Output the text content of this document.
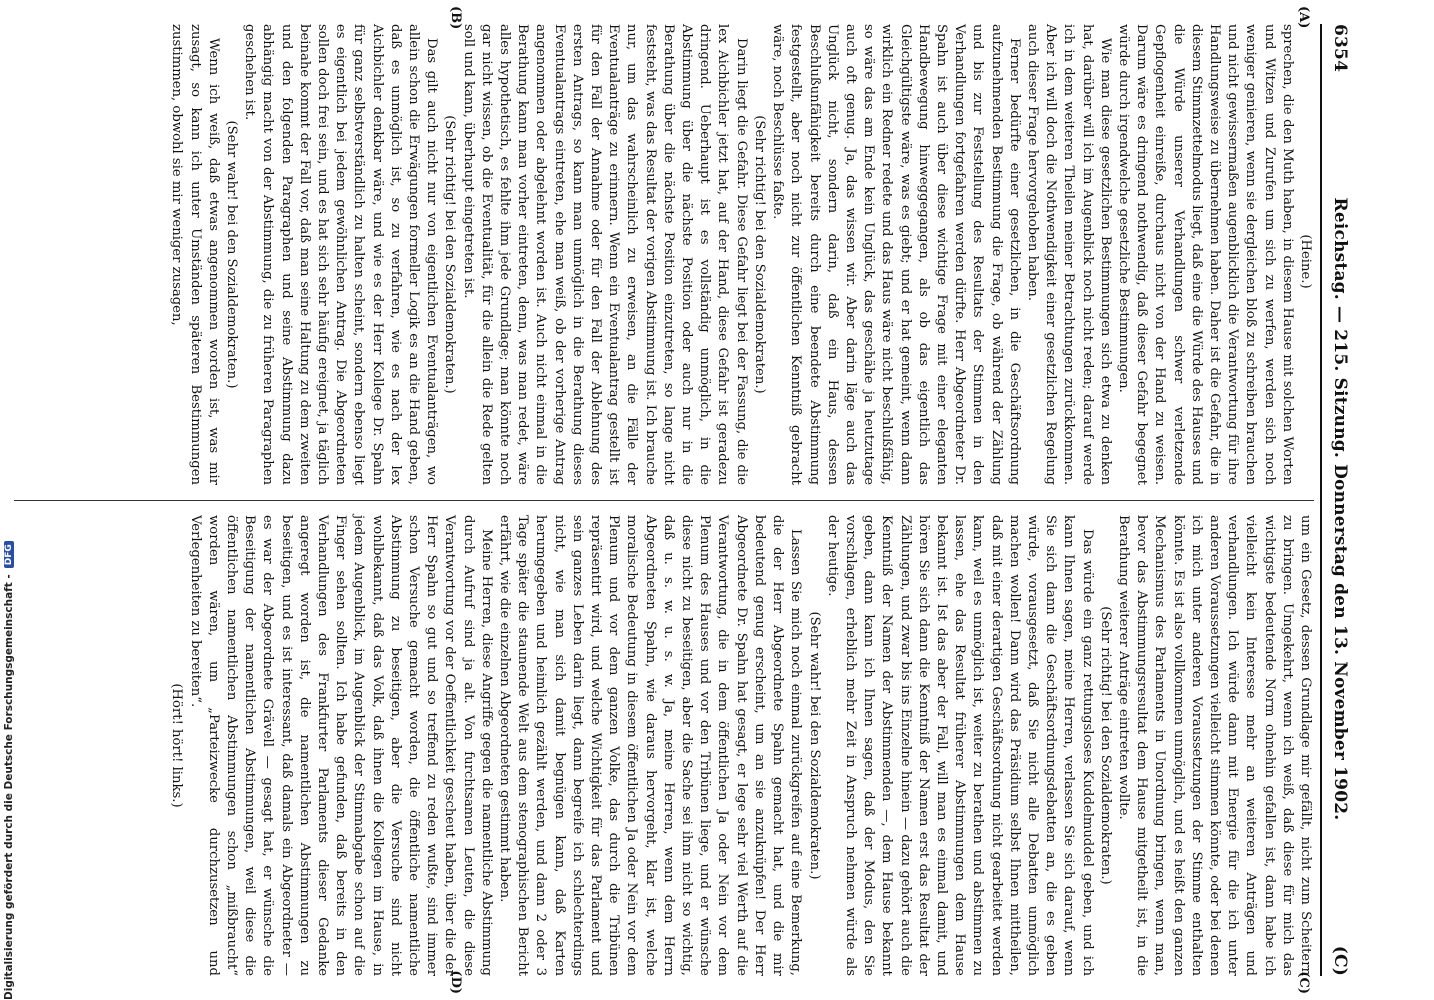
6354
Reichstag. — 215. Sitzung. Donnerstag den 13. November 1902.
(C)
(A)
(B)

(Heine.)

sprechen, die den Muth haben, in diesem Hause mit solchen Worten und Witzen und Zurufen um sich zu werfen, werden sich noch weniger genieren, wenn sie dergleichen bloß zu schreiben brauchen und nicht gewissermaßen augenblicklich die Verantwortung für ihre Handlungsweise zu übernehmen haben. Daher ist die Gefahr, die in diesem Stimmzettelmodus liegt, daß eine die Würde des Hauses und die Würde unserer Verhandlungen schwer verletzende Gepflogenheit einreiße, durchaus nicht von der Hand zu weisen. Darum wäre es dringend nothwendig, daß dieser Gefahr begegnet würde durch irgendwelche gesetzliche Bestimmungen.

Wie man diese gesetzlichen Bestimmungen sich etwa zu denken hat, darüber will ich im Augenblick noch nicht reden; darauf werde ich in dem weiteren Theilen meiner Betrachtungen zurückkommen. Aber ich will doch die Nothwendigkeit einer gesetzlichen Regelung auch dieser Frage hervorgehoben haben.

Ferner bedürfte einer gesetzlichen, in die Geschäftsordnung aufzunehmenden Bestimmung die Frage, ob während der Zählung und bis zur Feststellung des Resultats der Stimmen in den Verhandlungen fortgefahren werden dürfte. Herr Abgeordneter Dr. Spahn ist auch über diese wichtige Frage mit einer eleganten Handbewegung hinweggegangen, als ob das eigentlich das Gleichgültigste wäre, was es giebt; und er hat gemeint, wenn dann wirklich ein Redner redete und das Haus wäre nicht beschlußfähig, so wäre das am Ende kein Unglück, das geschähe ja heutzutage auch oft genug. Ja, das wissen wir. Aber darin läge auch das Unglück nicht, sondern darin, daß ein Haus, dessen Beschlußunfähigkeit bereits durch eine beendete Abstimmung festgestellt, aber noch nicht zur öffentlichen Kenntniß gebracht wäre, noch Beschlüsse faßte.

(Sehr richtig! bei den Sozialdemokraten.)

Darin liegt die Gefahr. Diese Gefahr liegt bei der Fassung, die die lex Aichbichler jetzt hat, auf der Hand, diese Gefahr ist geradezu dringend. Ueberhaupt ist es vollständig unmöglich, in die Abstimmung über die nächste Position oder auch nur in die Berathung über die nächste Position einzutreten, so lange nicht feststeht, was das Resultat der vorigen Abstimmung ist. Ich brauche nur, um das wahrscheinlich zu erweisen, an die Fälle der Eventualanträge zu erinnern. Wenn ein Eventualantrag gestellt ist für den Fall der Annahme oder für den Fall der Ablehnung des ersten Antrags, so kann man unmöglich in die Berathung dieses Eventualantrags eintreten, ehe man weiß, ob der vorherige Antrag angenommen oder abgelehnt worden ist. Auch nicht einmal in die Berathung kann man vorher eintreten, denn, was man redet, wäre alles hypothetisch, es fehlte ihm jede Grundlage; man könnte noch gar nicht wissen, ob die Eventualität, für die allein die Rede gelten soll und kann, überhaupt eingetreten ist.

(Sehr richtig! bei den Sozialdemokraten.)

Das gilt auch nicht nur von eigentlichen Eventualanträgen, wo allein schon die Erwägungen formeller Logik es an die Hand geben, daß es unmöglich ist, so zu verfahren, wie es nach der lex Aichbichler denkbar wäre, und wie es der Herr Kollege Dr. Spahn für ganz selbstverständlich zu halten scheint, sondern ebenso liegt es eigentlich bei jedem gewöhnlichen Antrag. Die Abgeordneten sollen doch frei sein, und es hat sich sehr häufig ereignet, ja täglich beinahe kommt der Fall vor, daß man seine Haltung zu dem zweiten und den folgenden Paragraphen und seine Abstimmung dazu abhängig macht von der Abstimmung, die zu früheren Paragraphen geschehen ist.

(Sehr wahr! bei den Sozialdemokraten.)

Wenn ich weiß, daß etwas angenommen worden ist, was mir zusagt, so kann ich unter Umständen späteren Bestimmungen zustimmen, obwohl sie mir weniger zusagen,

(C)
(D)

um ein Gesetz, dessen Grundlage mir gefällt, nicht zum Scheitern zu bringen. Umgekehrt, wenn ich weiß, daß diese für mich das wichtigste bedeutende Norm ohnehin gefallen ist, dann habe ich vielleicht kein Interesse mehr an weiteren Anträgen und verhandlungen. Ich würde dann mit Energie für die ich unter anderen Voraussetzungen vielleicht stimmen könnte, oder bei denen ich mich unter anderen Voraussetzungen der Stimme enthalten könnte. Es ist also vollkommen unmöglich, und es heißt den ganzen Mechanismus des Parlaments in Unordnung bringen, wenn man, bevor das Abstimmungsresultat dem Hause mitgetheilt ist, in die Berathung weiterer Anträge eintreten wollte.

(Sehr richtig! bei den Sozialdemokraten.)

Das würde ein ganz rettungsloses Kuddelmuddel geben, und ich kann Ihnen sagen, meine Herren, verlassen Sie sich darauf, wenn Sie sich dann die Geschäftsordnungsdebatten an, die es geben würde, vorausgesetzt, daß Sie nicht alle Debatten unmöglich machen wollen! Dann wird das Präsidium selbst Ihnen mittheilen, daß mit einer derartigen Geschäftsordnung nicht gearbeitet werden kann, weil es unmöglich ist, weiter zu berathen und abstimmen zu lassen, ehe das Resultat früherer Abstimmungen dem Hause bekannt ist. Ist das aber der Fall, will man es einmal damit, und hören Sie sich dann die Kenntniß der Namen erst das Resultat der Zählungen, und zwar bis ins Einzelne hinein — dazu gehört auch die Kenntniß der Namen der Abstimmenden —, dem Hause bekannt geben, dann kann ich Ihnen sagen, daß der Modus, den Sie vorschlagen, erheblich mehr Zeit in Anspruch nehmen würde als der heutige.

(Sehr wahr! bei den Sozialdemokraten.)

Lassen Sie mich noch einmal zurückgreifen auf eine Bemerkung, die der Herr Abgeordnete Spahn gemacht hat, und die mir bedeutend genug erscheint, um an sie anzuknüpfen! Der Herr Abgeordnete Dr. Spahn hat gesagt, er lege sehr viel Werth auf die Verantwortung, die in dem öffentlichen Ja oder Nein vor dem Plenum des Hauses und vor den Tribünen liege, und er wünsche diese nicht zu beseitigen, aber die Sache sei ihm nicht so wichtig, daß u. s. w. u. s. w. Ja, meine Herren, wenn dem Herrn Abgeordneten Spahn, wie daraus hervorgeht, klar ist, welche moralische Bedeutung in diesem öffentlichen Ja oder Nein vor dem Plenum und vor dem ganzen Volke, das durch die Tribünen repräsentirt wird, und welche Wichtigkeit für das Parlament und sein ganzes Leben darin liegt, dann begreife ich schlechterdings nicht, wie man sich damit begnügen kann, daß Karten herumgegeben und heimlich gezählt werden, und dann 2 oder 3 Tage später die staunende Welt aus dem stenographischen Bericht erfährt, wie die einzelnen Abgeordneten gestimmt haben.

Meine Herren, diese Angriffe gegen die namentliche Abstimmung durch Aufruf sind ja alt. Von furchtsamen Leuten, die diese Verantwortung vor der Oeffentlichkeit gescheut haben, über die der Herr Spahn so gut und so treffend zu reden wußte, sind immer schon Versuche gemacht worden, die öffentliche namentliche Abstimmung zu beseitigen, aber die Versuche sind nicht wohlbekannt, daß das Volk, daß ihnen die Kollegen im Hause, in jedem Augenblick, im Augenblick der Stimmabgabe schon auf die Finger sehen sollten. Ich habe gefunden, daß bereits in den Verhandlungen des Frankfurter Parlaments dieser Gedanke angeregt worden ist, die namentlichen Abstimmungen zu beseitigen, und es ist interessant, daß damals ein Abgeordneter — es war der Abgeordnete Grävell — gesagt hat, er wünsche die Beseitigung der namentlichen Abstimmungen, weil diese die öffentlichen namentlichen Abstimmungen schon „mißbraucht“ worden wären, um „Parteizwecke durchzusetzen und Verlegenheiten zu bereiten“.

(Hört! hört! links.)

Digitalisierung gefördert durch die Deutsche Forschungsgemeinschaft -
DFG
